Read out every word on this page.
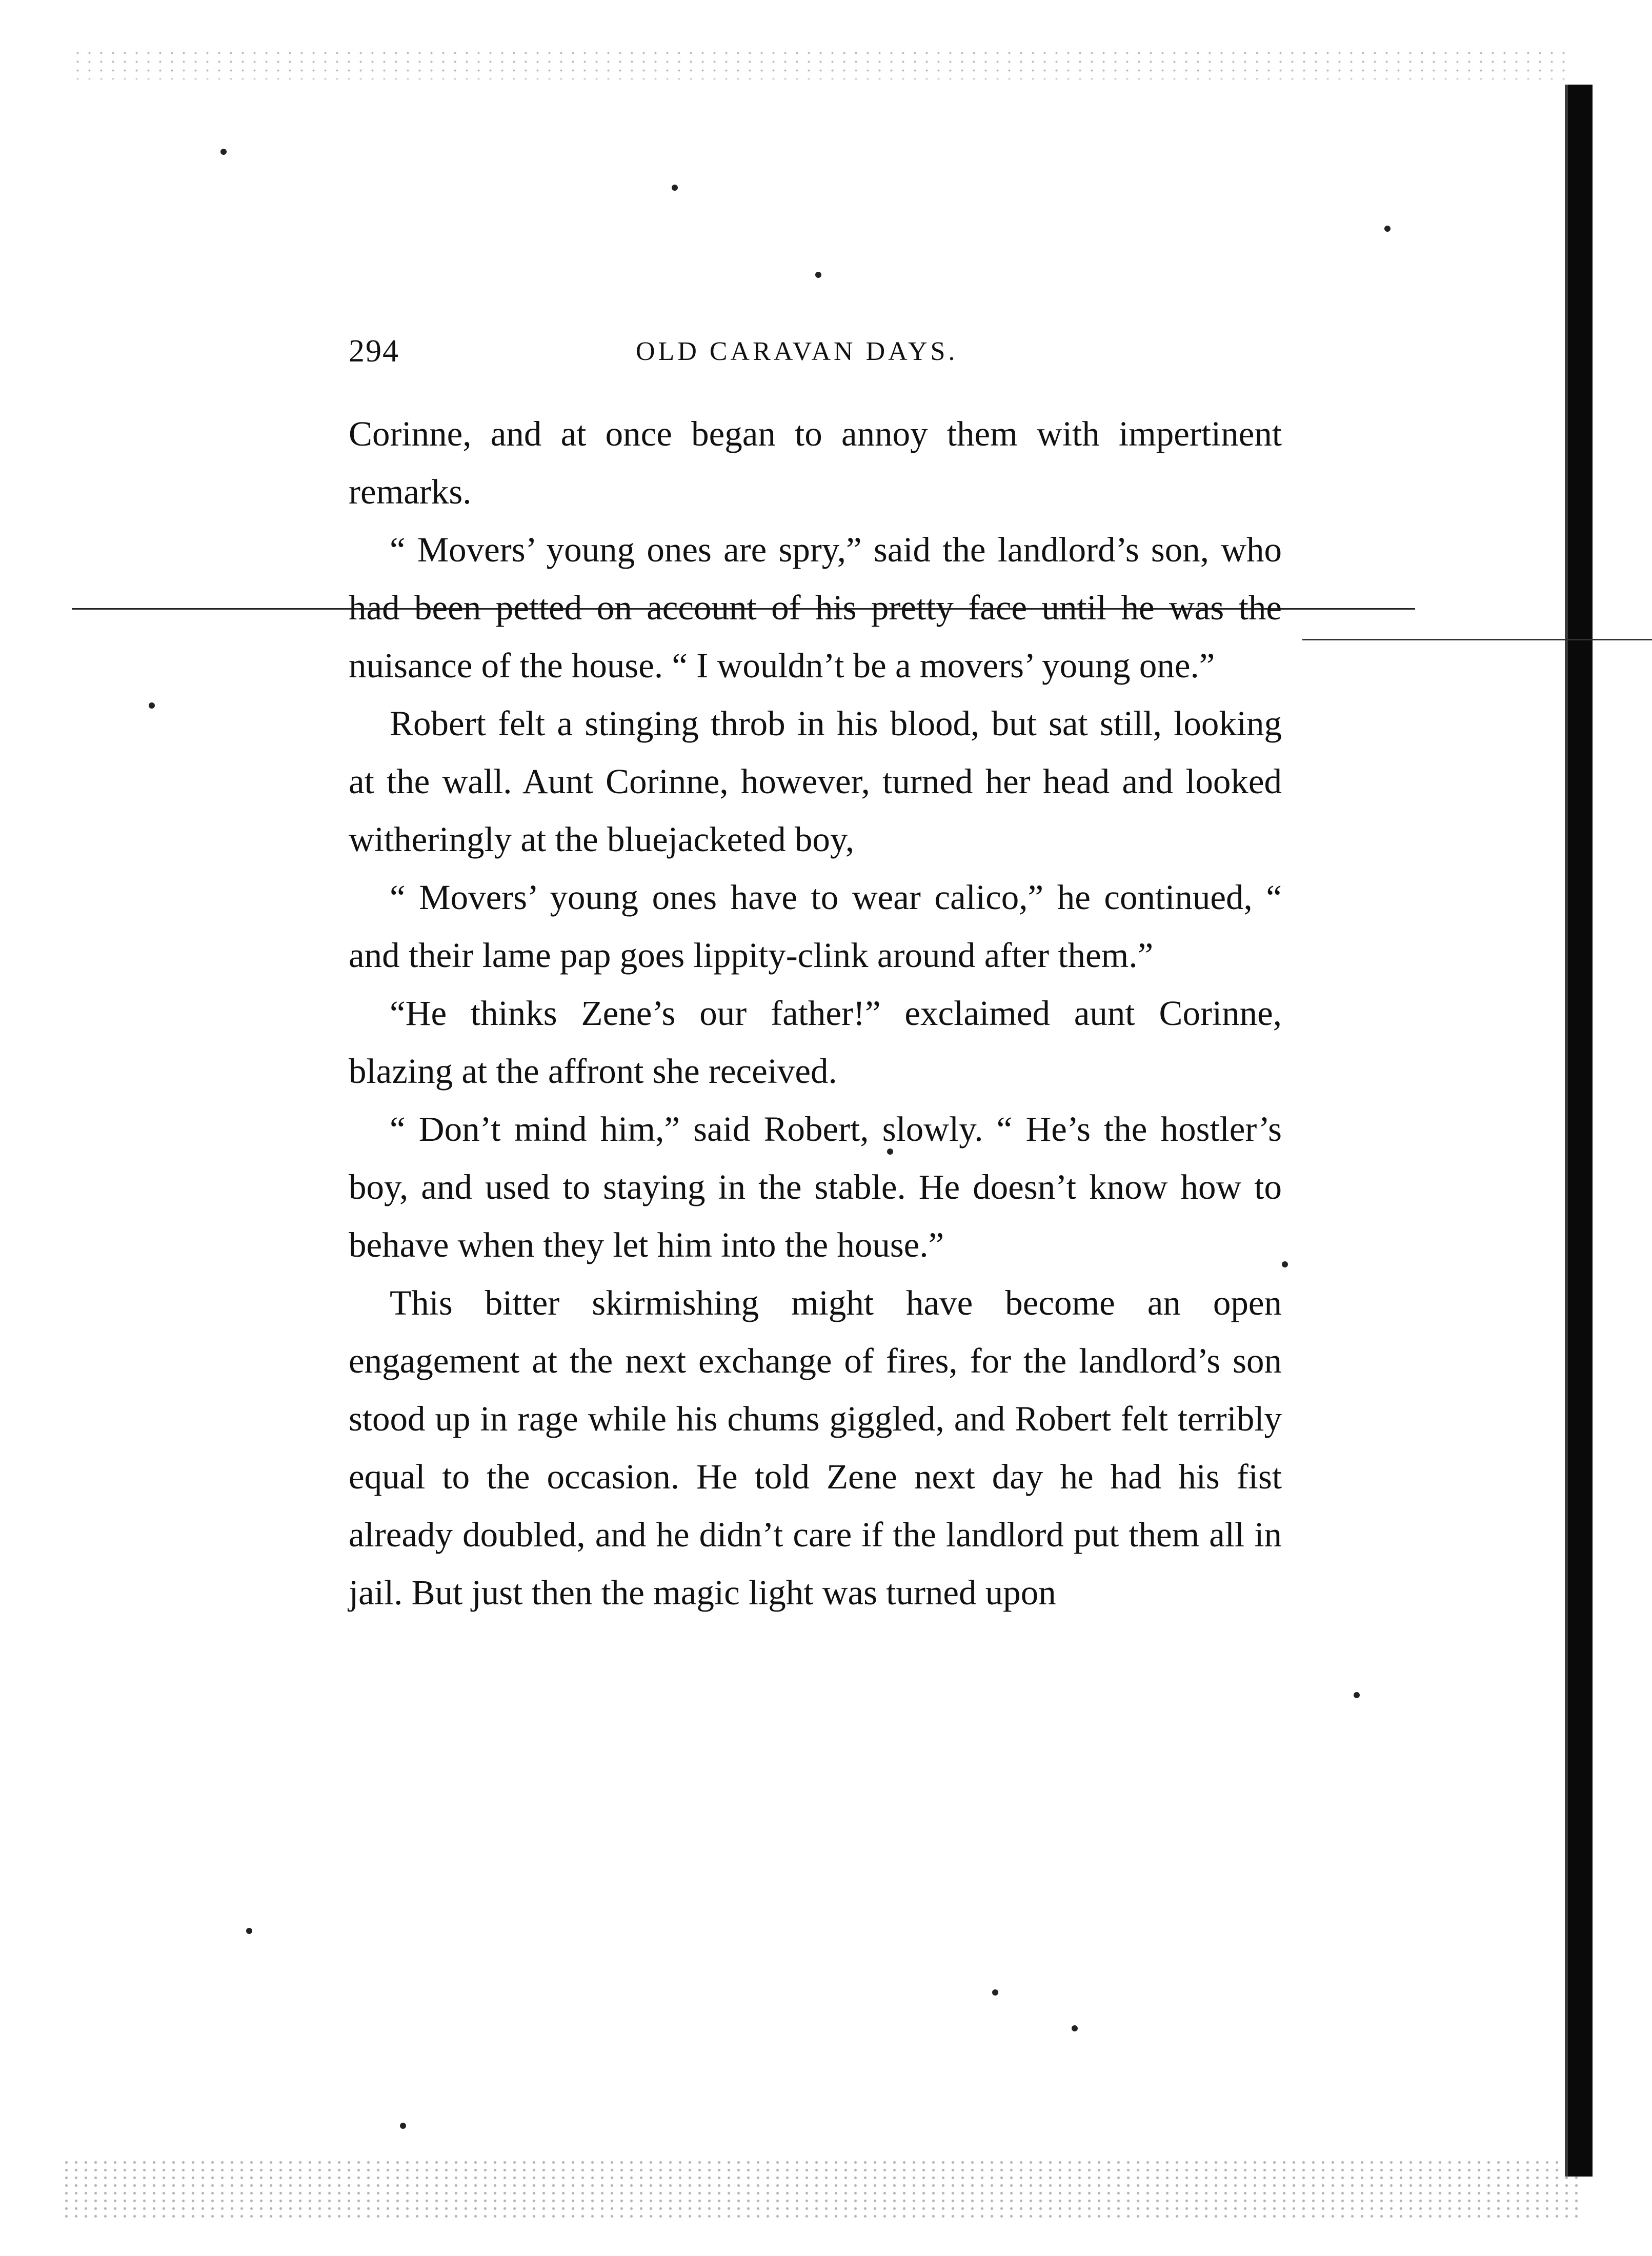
294	OLD CARAVAN DAYS.

Corinne, and at once began to annoy them with impertinent remarks.

“ Movers’ young ones are spry,” said the landlord’s son, who had been petted on account of his pretty face until he was the nuisance of the house. “ I wouldn’t be a movers’ young one.”

Robert felt a stinging throb in his blood, but sat still, looking at the wall. Aunt Corinne, however, turned her head and looked witheringly at the bluejacketed boy,

“ Movers’ young ones have to wear calico,” he continued, “ and their lame pap goes lippity-clink around after them.”

“He thinks Zene’s our father!” exclaimed aunt Corinne, blazing at the affront she received.

“ Don’t mind him,” said Robert, slowly. “ He’s the hostler’s boy, and used to staying in the stable. He doesn’t know how to behave when they let him into the house.”

This bitter skirmishing might have become an open engagement at the next exchange of fires, for the landlord’s son stood up in rage while his chums giggled, and Robert felt terribly equal to the occasion. He told Zene next day he had his fist already doubled, and he didn’t care if the landlord put them all in jail. But just then the magic light was turned upon
